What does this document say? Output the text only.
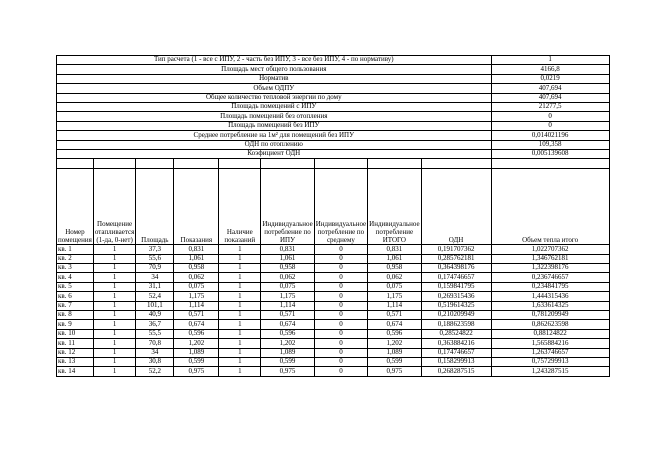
Тип расчета (1 - все с ИПУ, 2 - часть без ИПУ, 3 - все без ИПУ, 4 - по нормативу)									1
Площадь мест общего пользования									4166,8
Норматив									0,0219
Объем ОДПУ									407,694
Общее количество тепловой энергии по дому									407,694
Площадь помещений с ИПУ									21277,5
Площадь помещений без отопления									0
Площадь помещений без ИПУ									0
Среднее потребление на 1м² для помещений без ИПУ									0,014021196
ОДН по отоплению									109,358
Коэфициент ОДН									0,005139608

Номер помещения	Помещение отапливается (1-да, 0-нет)	Площадь	Показания	Наличие показаний	Индивидуальное потребление по ИПУ	Индивидуальное потребление по среднему	Индивидуальное потребление ИТОГО	ОДН	Объем тепла итого
кв. 1	1	37,3	0,831	1	0,831	0	0,831	0,191707362	1,022707362
кв. 2	1	55,6	1,061	1	1,061	0	1,061	0,285762181	1,346762181
кв. 3	1	70,9	0,958	1	0,958	0	0,958	0,364398176	1,322398176
кв. 4	1	34	0,062	1	0,062	0	0,062	0,174746657	0,236746657
кв. 5	1	31,1	0,075	1	0,075	0	0,075	0,159841795	0,234841795
кв. 6	1	52,4	1,175	1	1,175	0	1,175	0,269315436	1,444315436
кв. 7	1	101,1	1,114	1	1,114	0	1,114	0,519614325	1,633614325
кв. 8	1	40,9	0,571	1	0,571	0	0,571	0,210209949	0,781209949
кв. 9	1	36,7	0,674	1	0,674	0	0,674	0,188623598	0,862623598
кв. 10	1	55,5	0,596	1	0,596	0	0,596	0,28524822	0,88124822
кв. 11	1	70,8	1,202	1	1,202	0	1,202	0,363884216	1,565884216
кв. 12	1	34	1,089	1	1,089	0	1,089	0,174746657	1,263746657
кв. 13	1	30,8	0,599	1	0,599	0	0,599	0,158299913	0,757299913
кв. 14	1	52,2	0,975	1	0,975	0	0,975	0,268287515	1,243287515
